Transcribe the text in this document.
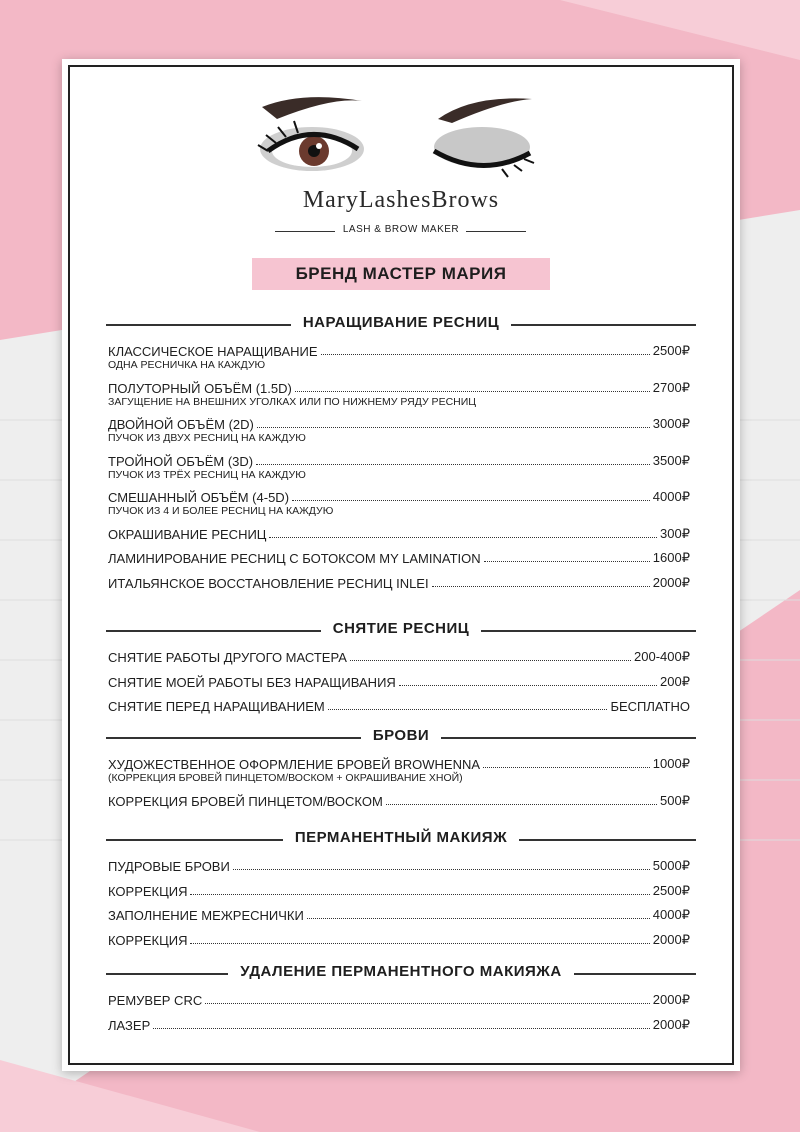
MaryLashesBrows
LASH & BROW MAKER
БРЕНД МАСТЕР МАРИЯ
НАРАЩИВАНИЕ РЕСНИЦ
КЛАССИЧЕСКОЕ НАРАЩИВАНИЕ	2500₽
ОДНА РЕСНИЧКА НА КАЖДУЮ
ПОЛУТОРНЫЙ ОБЪЁМ (1.5D)	2700₽
ЗАГУЩЕНИЕ НА ВНЕШНИХ УГОЛКАХ ИЛИ ПО НИЖНЕМУ РЯДУ РЕСНИЦ
ДВОЙНОЙ ОБЪЁМ (2D)	3000₽
ПУЧОК ИЗ ДВУХ РЕСНИЦ НА КАЖДУЮ
ТРОЙНОЙ ОБЪЁМ (3D)	3500₽
ПУЧОК ИЗ ТРЁХ РЕСНИЦ НА КАЖДУЮ
СМЕШАННЫЙ ОБЪЁМ (4-5D)	4000₽
ПУЧОК ИЗ 4 И БОЛЕЕ РЕСНИЦ НА КАЖДУЮ
ОКРАШИВАНИЕ РЕСНИЦ	300₽
ЛАМИНИРОВАНИЕ РЕСНИЦ С БОТОКСОМ MY LAMINATION	1600₽
ИТАЛЬЯНСКОЕ ВОССТАНОВЛЕНИЕ РЕСНИЦ INLEI	2000₽
СНЯТИЕ РЕСНИЦ
СНЯТИЕ РАБОТЫ ДРУГОГО МАСТЕРА	200-400₽
СНЯТИЕ МОЕЙ РАБОТЫ БЕЗ НАРАЩИВАНИЯ	200₽
СНЯТИЕ ПЕРЕД НАРАЩИВАНИЕМ	БЕСПЛАТНО
БРОВИ
ХУДОЖЕСТВЕННОЕ ОФОРМЛЕНИЕ БРОВЕЙ BROWHENNA	1000₽
(КОРРЕКЦИЯ БРОВЕЙ ПИНЦЕТОМ/ВОСКОМ + ОКРАШИВАНИЕ ХНОЙ)
КОРРЕКЦИЯ БРОВЕЙ ПИНЦЕТОМ/ВОСКОМ	500₽
ПЕРМАНЕНТНЫЙ МАКИЯЖ
ПУДРОВЫЕ БРОВИ	5000₽
КОРРЕКЦИЯ	2500₽
ЗАПОЛНЕНИЕ МЕЖРЕСНИЧКИ	4000₽
КОРРЕКЦИЯ	2000₽
УДАЛЕНИЕ ПЕРМАНЕНТНОГО МАКИЯЖА
РЕМУВЕР CRC	2000₽
ЛАЗЕР	2000₽
